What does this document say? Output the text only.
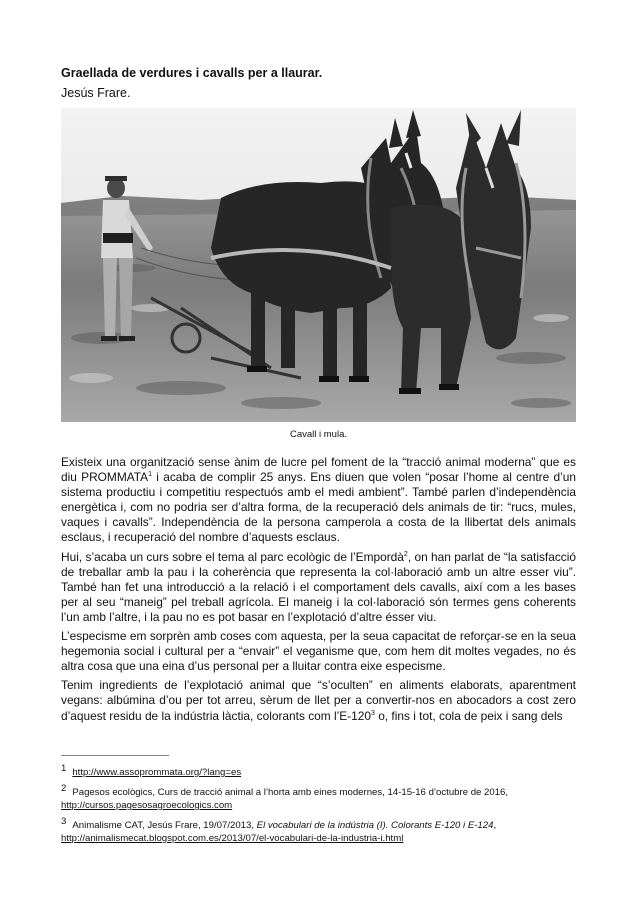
Graellada de verdures i cavalls per a llaurar.
Jesús Frare.
Cavall i mula.

Existeix una organització sense ànim de lucre pel foment de la “tracció animal moderna” que es diu PROMMATA$^1$ i acaba de complir 25 anys. Ens diuen que volen “posar l’home al centre d’un sistema productiu i competitiu respectuós amb el medi ambient”. També parlen d’independència energètica i, com no podria ser d’altra forma, de la recuperació dels animals de tir: “rucs, mules, vaques i cavalls”. Independència de la persona camperola a costa de la llibertat dels animals esclaus, i recuperació del nombre d’aquests esclaus.

Hui, s’acaba un curs sobre el tema al parc ecològic de l’Empordà$^2$, on han parlat de “la satisfacció de treballar amb la pau i la coherència que representa la col·laboració amb un altre esser viu”. També han fet una introducció a la relació i el comportament dels cavalls, així com a les bases per al seu “maneig” pel treball agrícola. El maneig i la col·laboració són termes gens coherents l’un amb l’altre, i la pau no es pot basar en l’explotació d’altre ésser viu.

L’especisme em sorprèn amb coses com aquesta, per la seua capacitat de reforçar-se en la seua hegemonia social i cultural per a “envair” el veganisme que, com hem dit moltes vegades, no és altra cosa que una eina d’us personal per a lluitar contra eixe especisme.

Tenim ingredients de l’explotació animal que “s’oculten” en aliments elaborats, aparentment vegans: albúmina d’ou per tot arreu, sèrum de llet per a convertir-nos en abocadors a cost zero d’aquest residu de la indústria làctia, colorants com $l’E-120^3$ o, fins i tot, cola de peix i sang dels

$^1$ http://www.assoprommata.org/?lang=es
$^2$ Pagesos ecològics, Curs de tracció animal a l’horta amb eines modernes, 14-15-16 d’octubre de 2016, http://cursos.pagesosagroecologics.com
$^3$ Animalisme CAT, Jesús Frare, 19/07/2013, El vocabulari de la indústria (I). Colorants E-120 i E-124, http://animalismecat.blogspot.com.es/2013/07/el-vocabulari-de-la-industria-i.html
